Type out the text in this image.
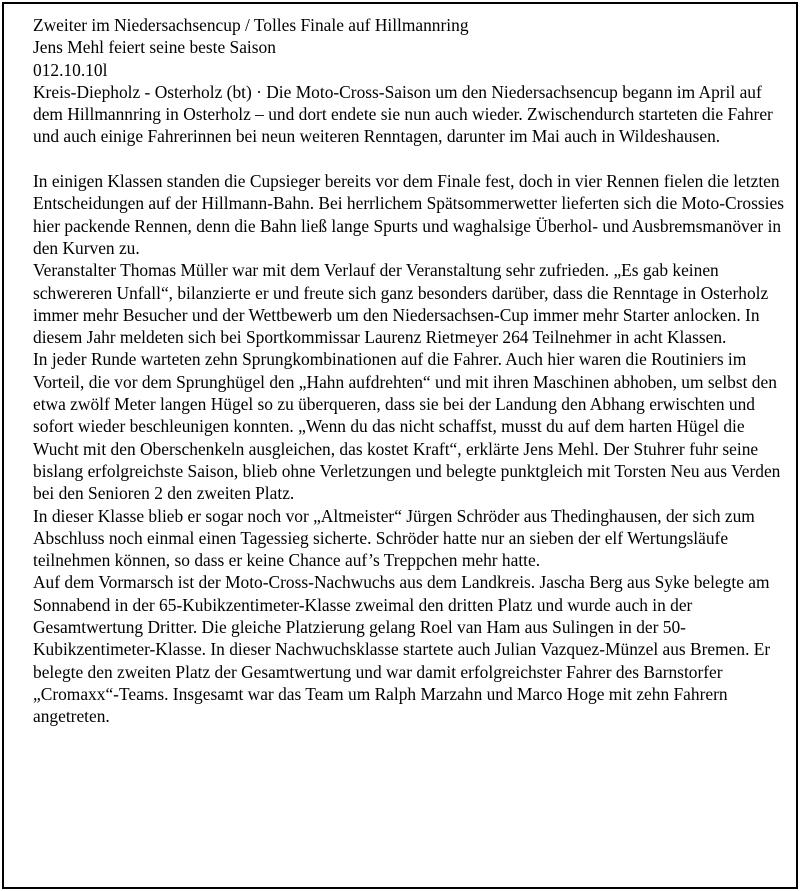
Zweiter im Niedersachsencup / Tolles Finale auf Hillmannring

Jens Mehl feiert seine beste Saison

012.10.10l

Kreis-Diepholz - Osterholz (bt) · Die Moto-Cross-Saison um den Niedersachsencup begann im April auf dem Hillmannring in Osterholz – und dort endete sie nun auch wieder. Zwischendurch starteten die Fahrer und auch einige Fahrerinnen bei neun weiteren Renntagen, darunter im Mai auch in Wildeshausen.

In einigen Klassen standen die Cupsieger bereits vor dem Finale fest, doch in vier Rennen fielen die letzten Entscheidungen auf der Hillmann-Bahn. Bei herrlichem Spätsommerwetter lieferten sich die Moto-Crossies hier packende Rennen, denn die Bahn ließ lange Spurts und waghalsige Überhol- und Ausbremsmanöver in den Kurven zu.

Veranstalter Thomas Müller war mit dem Verlauf der Veranstaltung sehr zufrieden. „Es gab keinen schwereren Unfall“, bilanzierte er und freute sich ganz besonders darüber, dass die Renntage in Osterholz immer mehr Besucher und der Wettbewerb um den Niedersachsen-Cup immer mehr Starter anlocken. In diesem Jahr meldeten sich bei Sportkommissar Laurenz Rietmeyer 264 Teilnehmer in acht Klassen.

In jeder Runde warteten zehn Sprungkombinationen auf die Fahrer. Auch hier waren die Routiniers im Vorteil, die vor dem Sprunghügel den „Hahn aufdrehten“ und mit ihren Maschinen abhoben, um selbst den etwa zwölf Meter langen Hügel so zu überqueren, dass sie bei der Landung den Abhang erwischten und sofort wieder beschleunigen konnten. „Wenn du das nicht schaffst, musst du auf dem harten Hügel die Wucht mit den Oberschenkeln ausgleichen, das kostet Kraft“, erklärte Jens Mehl. Der Stuhrer fuhr seine bislang erfolgreichste Saison, blieb ohne Verletzungen und belegte punktgleich mit Torsten Neu aus Verden bei den Senioren 2 den zweiten Platz.

In dieser Klasse blieb er sogar noch vor „Altmeister“ Jürgen Schröder aus Thedinghausen, der sich zum Abschluss noch einmal einen Tagessieg sicherte. Schröder hatte nur an sieben der elf Wertungsläufe teilnehmen können, so dass er keine Chance auf’s Treppchen mehr hatte.

Auf dem Vormarsch ist der Moto-Cross-Nachwuchs aus dem Landkreis. Jascha Berg aus Syke belegte am Sonnabend in der 65-Kubikzentimeter-Klasse zweimal den dritten Platz und wurde auch in der Gesamtwertung Dritter. Die gleiche Platzierung gelang Roel van Ham aus Sulingen in der 50-Kubikzentimeter-Klasse. In dieser Nachwuchsklasse startete auch Julian Vazquez-Münzel aus Bremen. Er belegte den zweiten Platz der Gesamtwertung und war damit erfolgreichster Fahrer des Barnstorfer „Cromaxx“-Teams. Insgesamt war das Team um Ralph Marzahn und Marco Hoge mit zehn Fahrern angetreten.
